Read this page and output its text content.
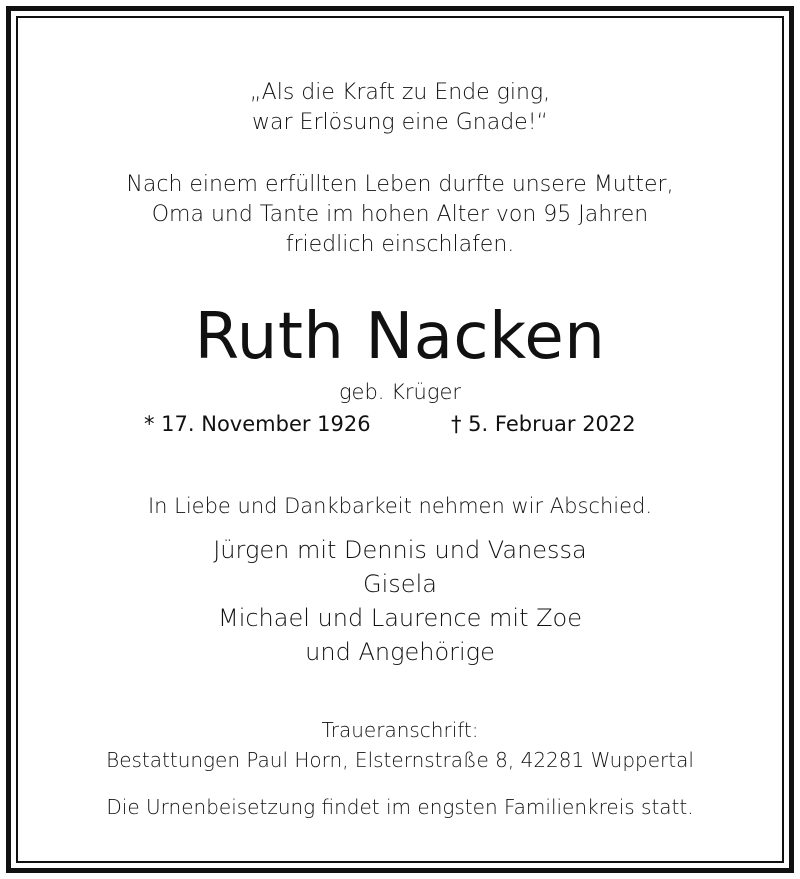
„Als die Kraft zu Ende ging,
war Erlösung eine Gnade!“
Nach einem erfüllten Leben durfte unsere Mutter,
Oma und Tante im hohen Alter von 95 Jahren
friedlich einschlafen.
Ruth Nacken
geb. Krüger
* 17. November 1926	† 5. Februar 2022
In Liebe und Dankbarkeit nehmen wir Abschied.
Jürgen mit Dennis und Vanessa
Gisela
Michael und Laurence mit Zoe
und Angehörige
Traueranschrift:
Bestattungen Paul Horn, Elsternstraße 8, 42281 Wuppertal
Die Urnenbeisetzung findet im engsten Familienkreis statt.
